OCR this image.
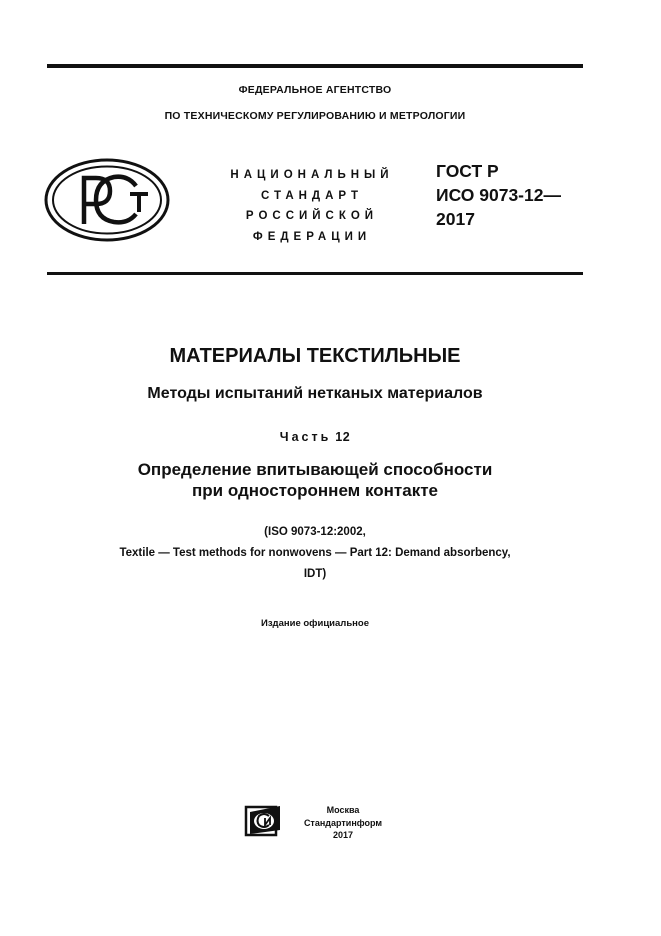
ФЕДЕРАЛЬНОЕ АГЕНТСТВО
ПО ТЕХНИЧЕСКОМУ РЕГУЛИРОВАНИЮ И МЕТРОЛОГИИ
НАЦИОНАЛЬНЫЙ
СТАНДАРТ
РОССИЙСКОЙ
ФЕДЕРАЦИИ
ГОСТ Р
ИСО 9073-12—
2017
МАТЕРИАЛЫ ТЕКСТИЛЬНЫЕ
Методы испытаний нетканых материалов
Часть 12
Определение впитывающей способности
при одностороннем контакте
(ISO 9073-12:2002,
Textile — Test methods for nonwovens — Part 12: Demand absorbency,
IDT)
Издание официальное
Москва
Стандартинформ
2017
